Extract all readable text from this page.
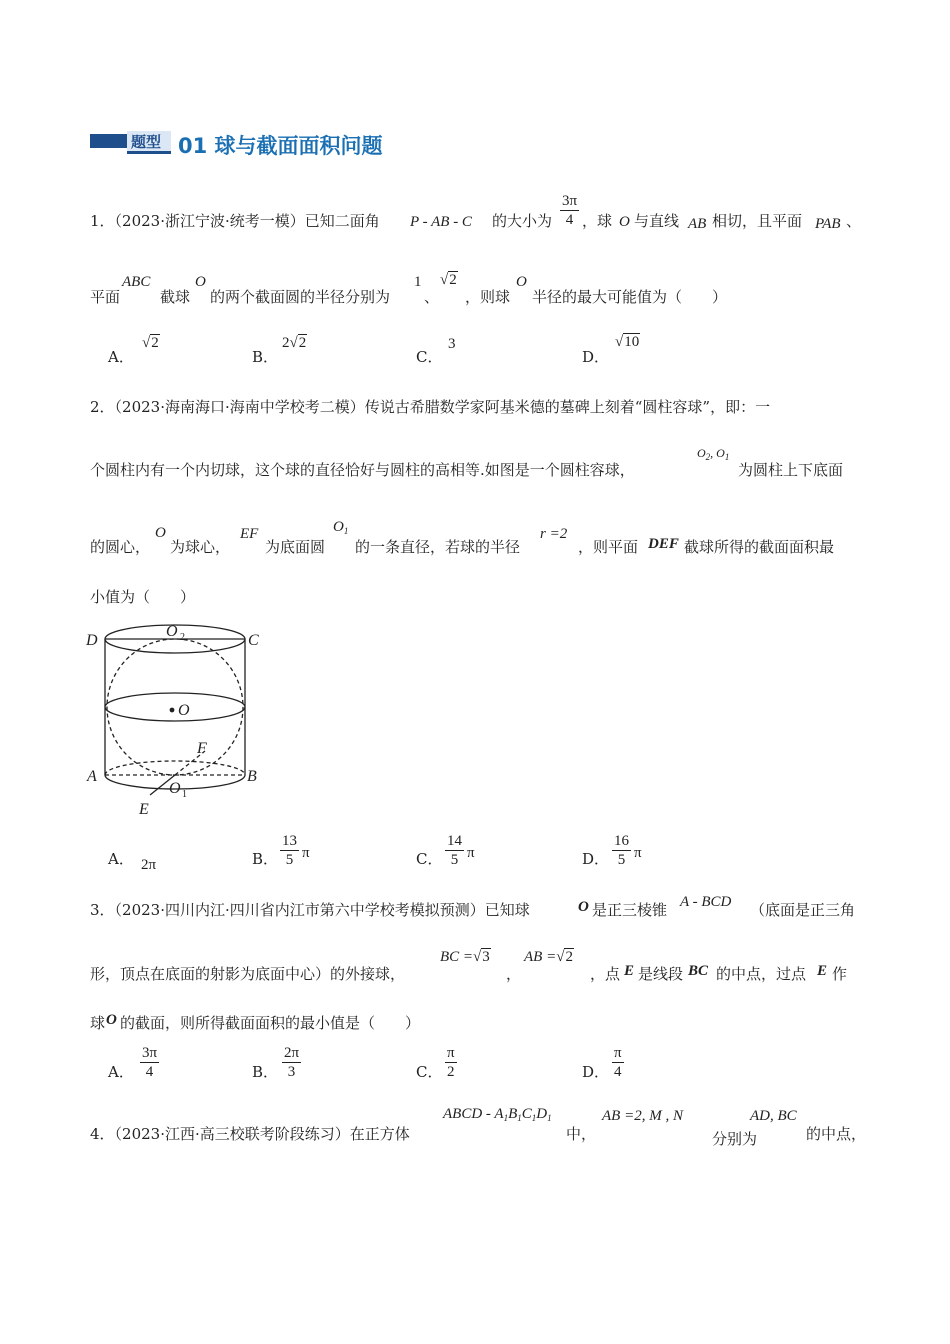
题型 01 球与截面面积问题
1．（2023·浙江宁波·统考一模）已知二面角 P - AB - C 的大小为 $\frac{3\pi}{4}$ ，球 O 与直线 AB 相切，且平面 PAB 、
平面
ABC
截球
O
的两个截面圆的半径分别为
1
、
√2
，则球
O
半径的最大可能值为（　　）
A．
√2
B．
2√2
C．
3
D．
√10
2．（2023·海南海口·海南中学校考二模）传说古希腊数学家阿基米德的墓碑上刻着“圆柱容球”，即：一
个圆柱内有一个内切球，这个球的直径恰好与圆柱的高相等.如图是一个圆柱容球，
$O_2$, $O_1$
为圆柱上下底面
的圆心，
O
为球心，
EF
为底面圆
$O_1$
的一条直径，若球的半径
r =2
，则平面 DEF 截球所得的截面面积最
小值为（　　）
D	C
O 2
O
F
A	B
O 1
E
A． 2π	B． $\frac{13}{5}$ π	C． $\frac{14}{5}$ π	D． $\frac{16}{5}$ π
3．（2023·四川内江·四川省内江市第六中学校考模拟预测）已知球	O 是正三棱锥 A - BCD （底面是正三角
形，顶点在底面的射影为底面中心）的外接球，
BC =√3
，
AB =√2
，点 E 是线段 BC 的中点，过点 E 作
球 O 的截面，则所得截面面积的最小值是（　　）
A． $\frac{3\pi}{4}$	B． $\frac{2\pi}{3}$	C． $\frac{\pi}{2}$	D． $\frac{\pi}{4}$
4．（2023·江西·高三校联考阶段练习）在正方体
ABCD - $A_1B_1C_1D_1$
中，
AB =2, M , N
分别为
AD, BC
的中点，
